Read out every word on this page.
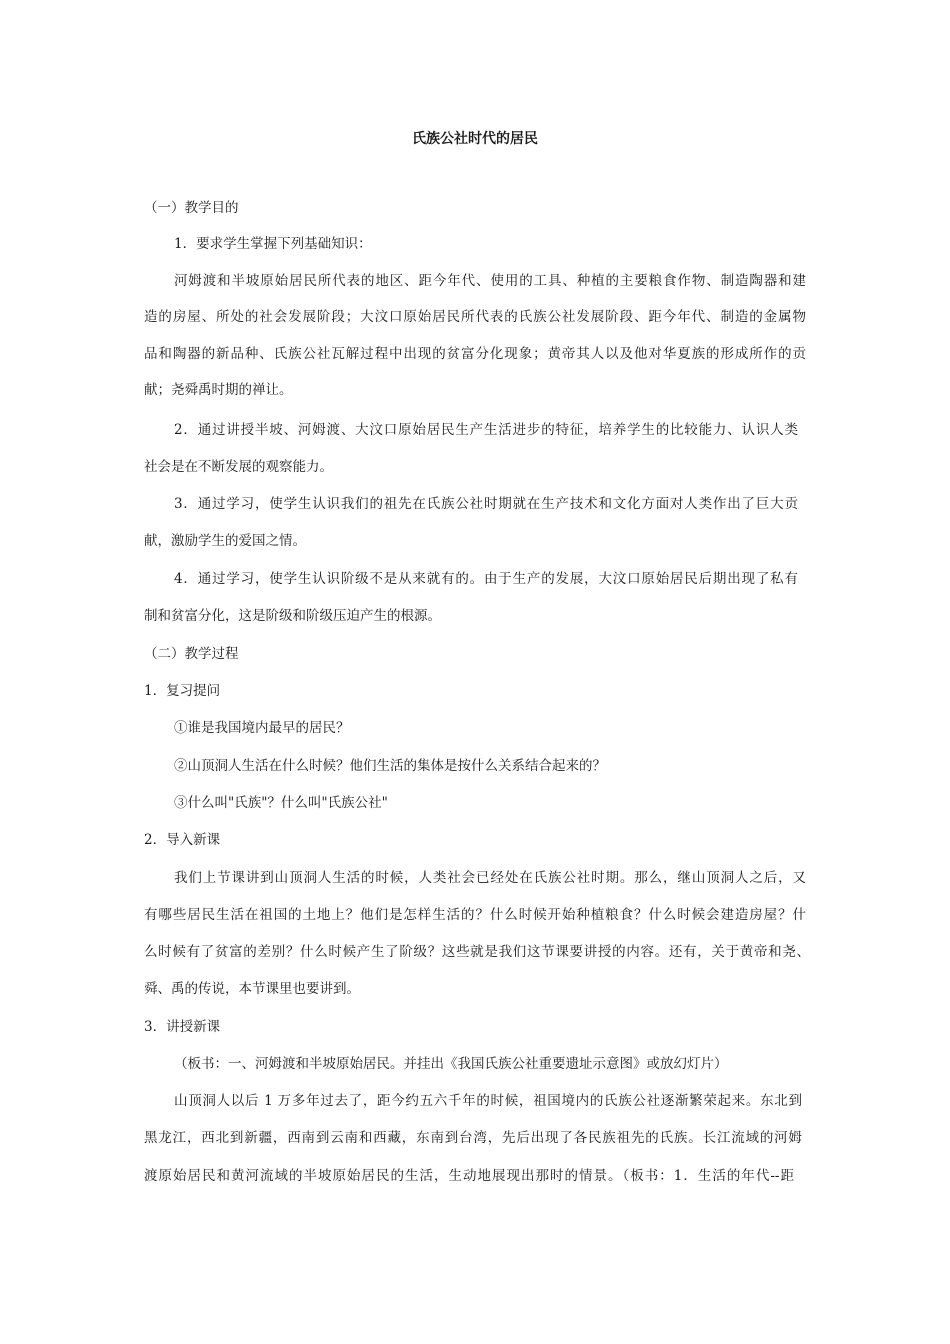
氏族公社时代的居民
（一）教学目的
1．要求学生掌握下列基础知识：
河姆渡和半坡原始居民所代表的地区、距今年代、使用的工具、种植的主要粮食作物、制造陶器和建
造的房屋、所处的社会发展阶段；大汶口原始居民所代表的氏族公社发展阶段、距今年代、制造的金属物
品和陶器的新品种、氏族公社瓦解过程中出现的贫富分化现象；黄帝其人以及他对华夏族的形成所作的贡
献；尧舜禹时期的禅让。
2．通过讲授半坡、河姆渡、大汶口原始居民生产生活进步的特征，培养学生的比较能力、认识人类
社会是在不断发展的观察能力。
3．通过学习，使学生认识我们的祖先在氏族公社时期就在生产技术和文化方面对人类作出了巨大贡
献，激励学生的爱国之情。
4．通过学习，使学生认识阶级不是从来就有的。由于生产的发展，大汶口原始居民后期出现了私有
制和贫富分化，这是阶级和阶级压迫产生的根源。
（二）教学过程
1．复习提问
①谁是我国境内最早的居民？
②山顶洞人生活在什么时候？他们生活的集体是按什么关系结合起来的？
③什么叫"氏族"？什么叫"氏族公社"
2．导入新课
我们上节课讲到山顶洞人生活的时候，人类社会已经处在氏族公社时期。那么，继山顶洞人之后，又
有哪些居民生活在祖国的土地上？他们是怎样生活的？什么时候开始种植粮食？什么时候会建造房屋？什
么时候有了贫富的差别？什么时候产生了阶级？这些就是我们这节课要讲授的内容。还有，关于黄帝和尧、
舜、禹的传说，本节课里也要讲到。
3．讲授新课
（板书：一、河姆渡和半坡原始居民。并挂出《我国氏族公社重要遗址示意图》或放幻灯片）
山顶洞人以后 1 万多年过去了，距今约五六千年的时候，祖国境内的氏族公社逐渐繁荣起来。东北到
黑龙江，西北到新疆，西南到云南和西藏，东南到台湾，先后出现了各民族祖先的氏族。长江流域的河姆
渡原始居民和黄河流域的半坡原始居民的生活，生动地展现出那时的情景。（板书：1．生活的年代--距
